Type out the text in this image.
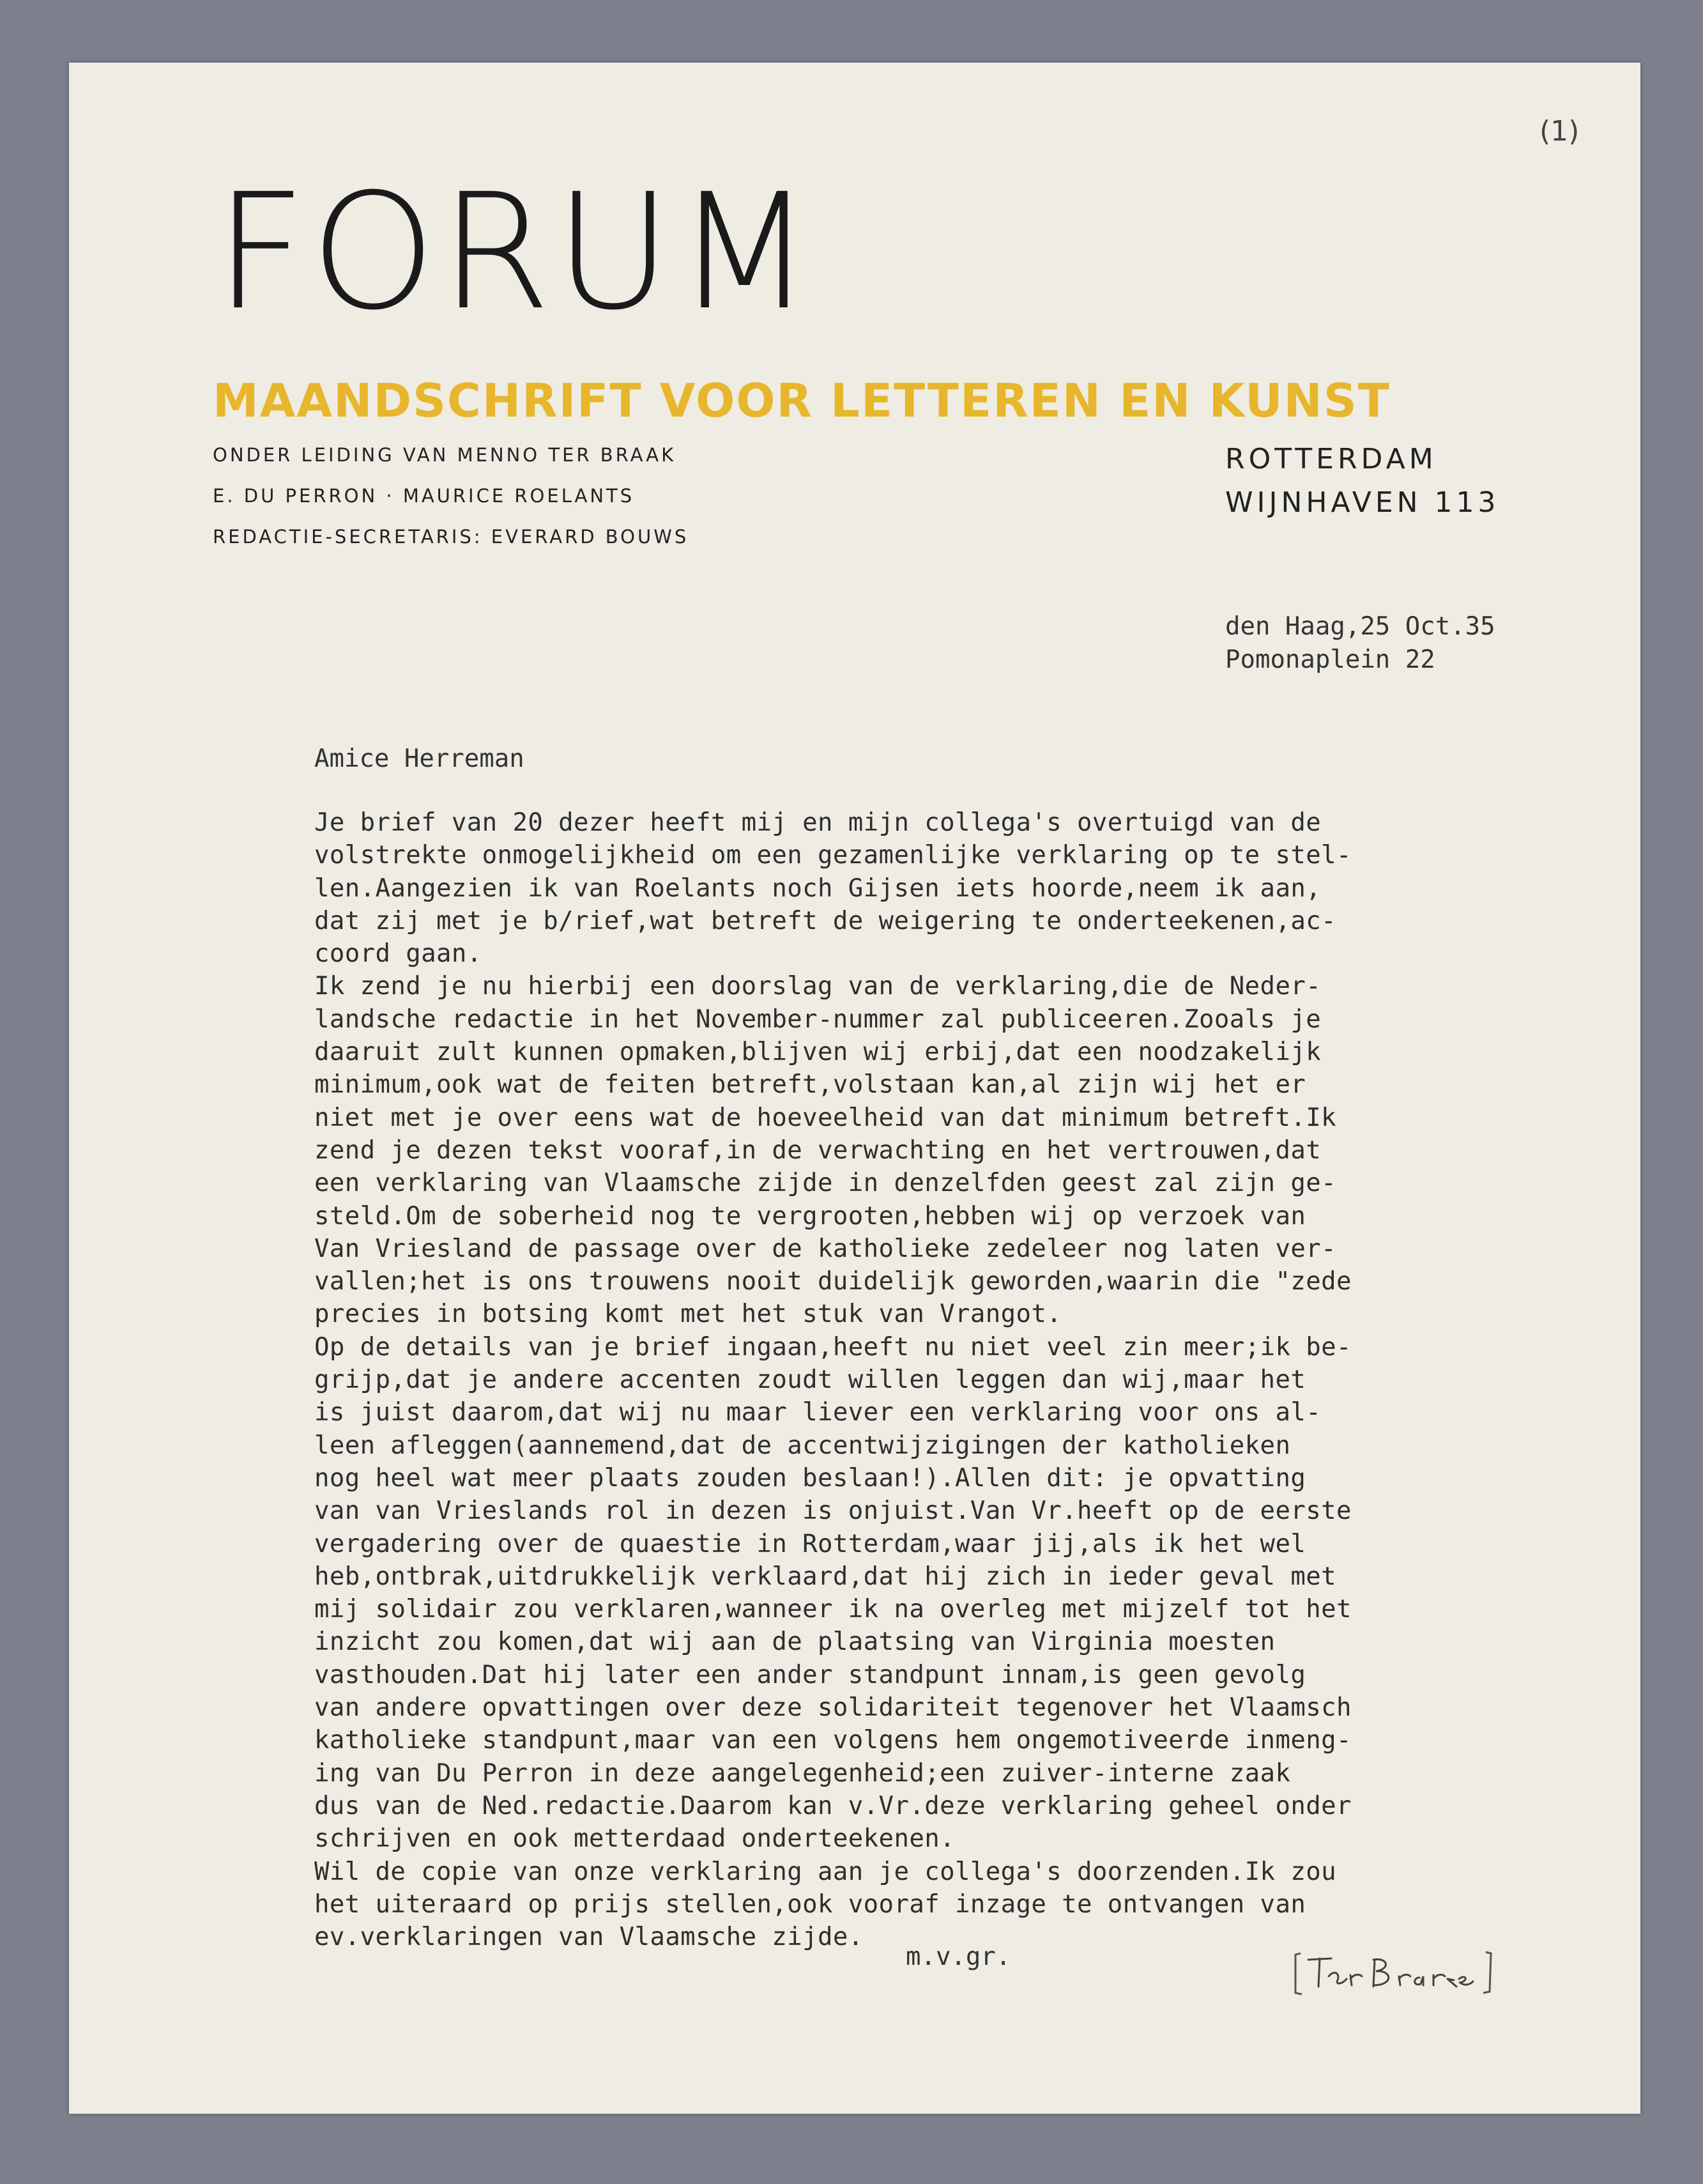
(1)
FORUM
MAANDSCHRIFT VOOR LETTEREN EN KUNST
ONDER LEIDING VAN MENNO TER BRAAK
E. DU PERRON · MAURICE ROELANTS
REDACTIE-SECRETARIS: EVERARD BOUWS
ROTTERDAM
WIJNHAVEN 113
den Haag,25 Oct.35
Pomonaplein 22
Amice Herreman
Je brief van 20 dezer heeft mij en mijn collega's overtuigd van de
volstrekte onmogelijkheid om een gezamenlijke verklaring op te stel-
len.Aangezien ik van Roelants noch Gijsen iets hoorde,neem ik aan,
dat zij met je b/rief,wat betreft de weigering te onderteekenen,ac-
coord gaan.
Ik zend je nu hierbij een doorslag van de verklaring,die de Neder-
landsche redactie in het November-nummer zal publiceeren.Zooals je
daaruit zult kunnen opmaken,blijven wij erbij,dat een noodzakelijk
minimum,ook wat de feiten betreft,volstaan kan,al zijn wij het er
niet met je over eens wat de hoeveelheid van dat minimum betreft.Ik
zend je dezen tekst vooraf,in de verwachting en het vertrouwen,dat
een verklaring van Vlaamsche zijde in denzelfden geest zal zijn ge-
steld.Om de soberheid nog te vergrooten,hebben wij op verzoek van
Van Vriesland de passage over de katholieke zedeleer nog laten ver-
vallen;het is ons trouwens nooit duidelijk geworden,waarin die "zede
precies in botsing komt met het stuk van Vrangot.
Op de details van je brief ingaan,heeft nu niet veel zin meer;ik be-
grijp,dat je andere accenten zoudt willen leggen dan wij,maar het
is juist daarom,dat wij nu maar liever een verklaring voor ons al-
leen afleggen(aannemend,dat de accentwijzigingen der katholieken
nog heel wat meer plaats zouden beslaan!).Allen dit: je opvatting
van van Vrieslands rol in dezen is onjuist.Van Vr.heeft op de eerste
vergadering over de quaestie in Rotterdam,waar jij,als ik het wel
heb,ontbrak,uitdrukkelijk verklaard,dat hij zich in ieder geval met
mij solidair zou verklaren,wanneer ik na overleg met mijzelf tot het
inzicht zou komen,dat wij aan de plaatsing van Virginia moesten
vasthouden.Dat hij later een ander standpunt innam,is geen gevolg
van andere opvattingen over deze solidariteit tegenover het Vlaamsch
katholieke standpunt,maar van een volgens hem ongemotiveerde inmeng-
ing van Du Perron in deze aangelegenheid;een zuiver-interne zaak
dus van de Ned.redactie.Daarom kan v.Vr.deze verklaring geheel onder
schrijven en ook metterdaad onderteekenen.
Wil de copie van onze verklaring aan je collega's doorzenden.Ik zou
het uiteraard op prijs stellen,ook vooraf inzage te ontvangen van
ev.verklaringen van Vlaamsche zijde.
m.v.gr.
